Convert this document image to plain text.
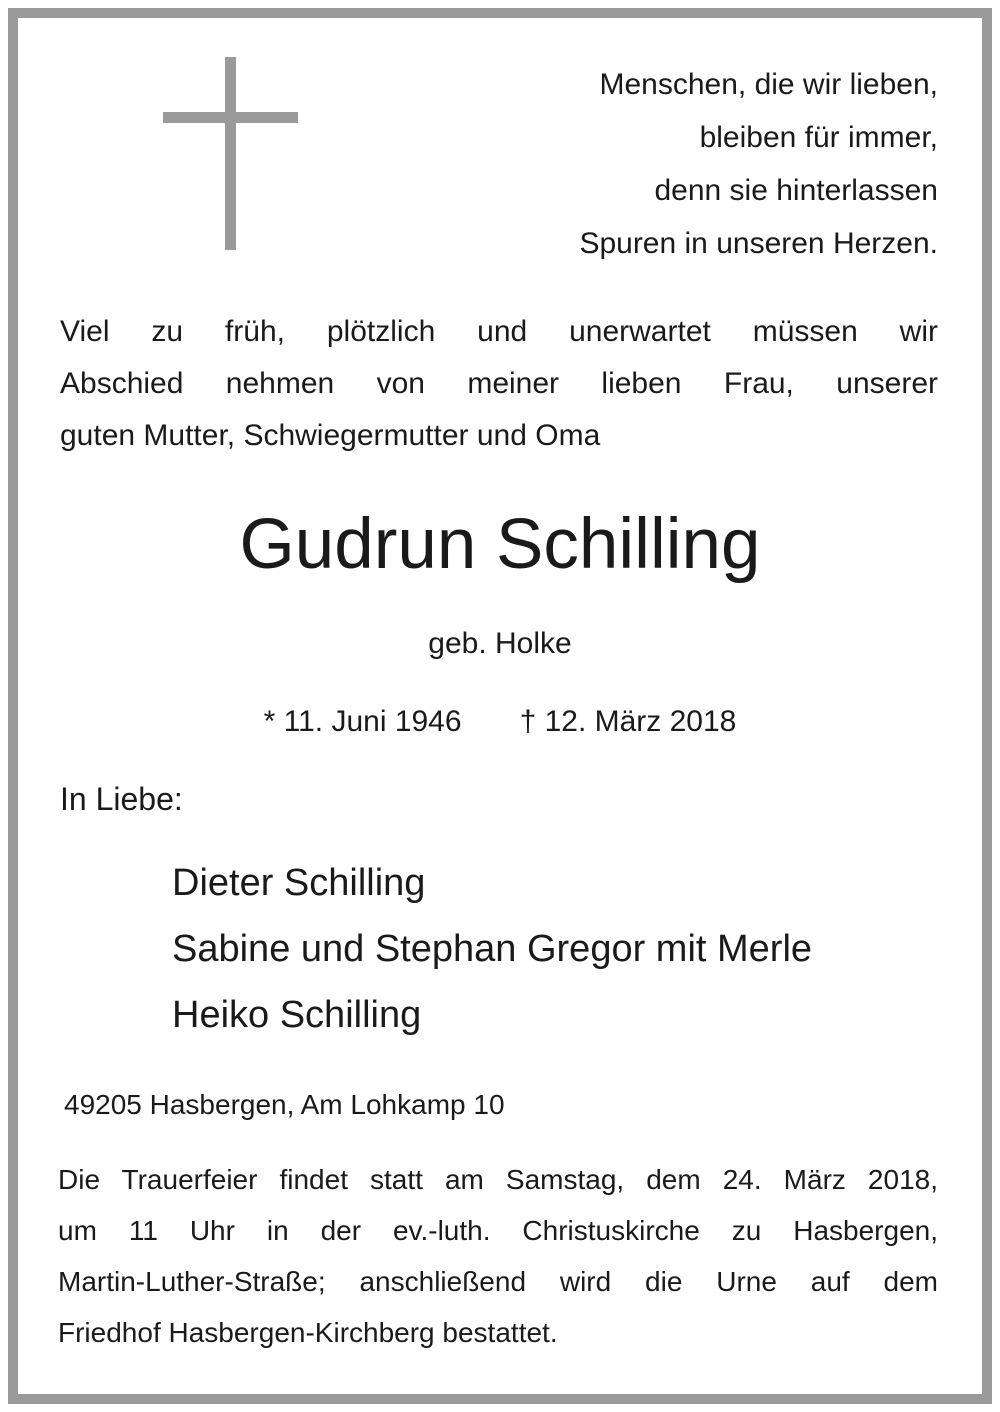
Menschen, die wir lieben,
bleiben für immer,
denn sie hinterlassen
Spuren in unseren Herzen.
Viel zu früh, plötzlich und unerwartet müssen wir
Abschied nehmen von meiner lieben Frau, unserer
guten Mutter, Schwiegermutter und Oma
Gudrun Schilling
geb. Holke
* 11. Juni 1946 † 12. März 2018
In Liebe:
Dieter Schilling
Sabine und Stephan Gregor mit Merle
Heiko Schilling
49205 Hasbergen, Am Lohkamp 10
Die Trauerfeier findet statt am Samstag, dem 24. März 2018,
um 11 Uhr in der ev.-luth. Christuskirche zu Hasbergen,
Martin-Luther-Straße; anschließend wird die Urne auf dem
Friedhof Hasbergen-Kirchberg bestattet.
